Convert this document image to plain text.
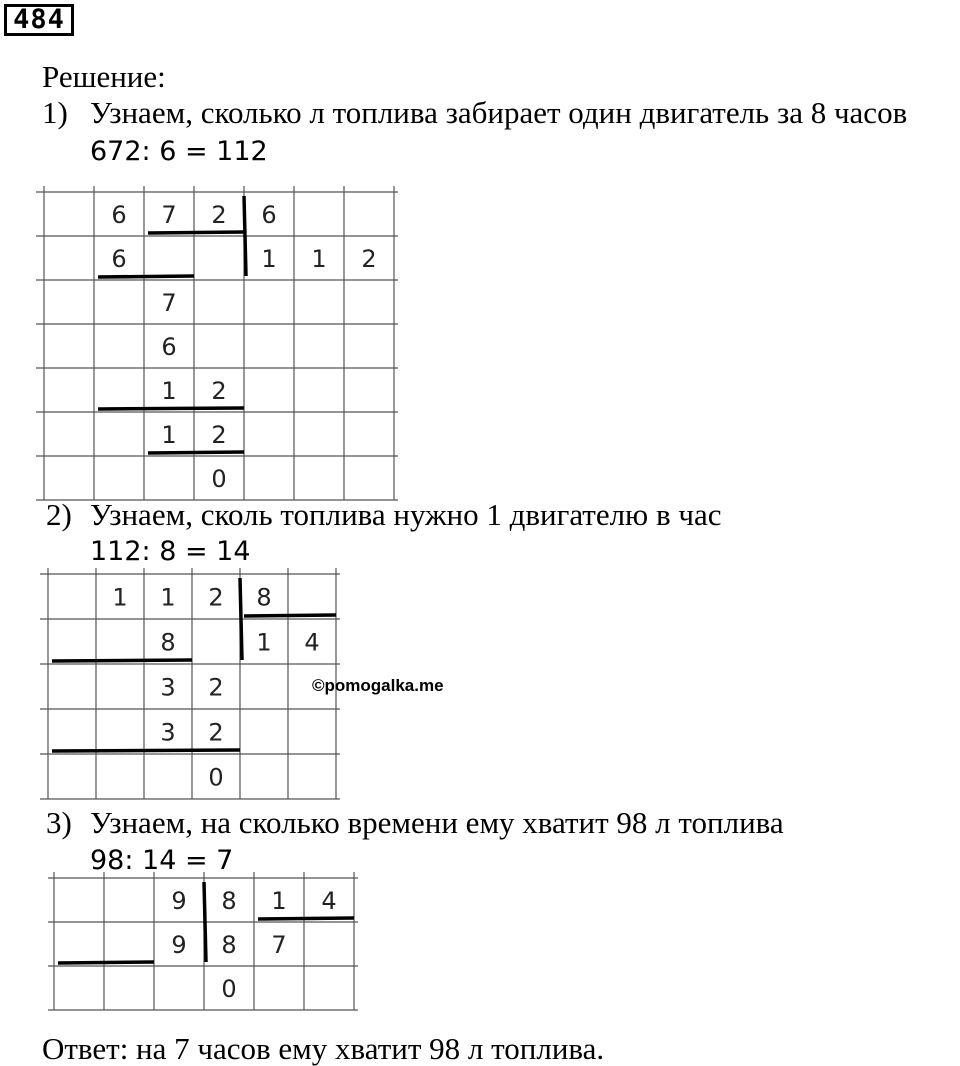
484
Решение:
1) Узнаем, сколько л топлива забирает один двигатель за 8 часов
672: 6 = 112
6 7 2 6
6	1 1 2
7
6
1 2
1 2
0
2) Узнаем, сколь топлива нужно 1 двигателю в час
112: 8 = 14
1 1 2 8
8	1 4
3 2
3 2
0
©pomogalka.me
3) Узнаем, на сколько времени ему хватит 98 л топлива
98: 14 = 7
9 8 1 4
9 8 7
0
Ответ: на 7 часов ему хватит 98 л топлива.
